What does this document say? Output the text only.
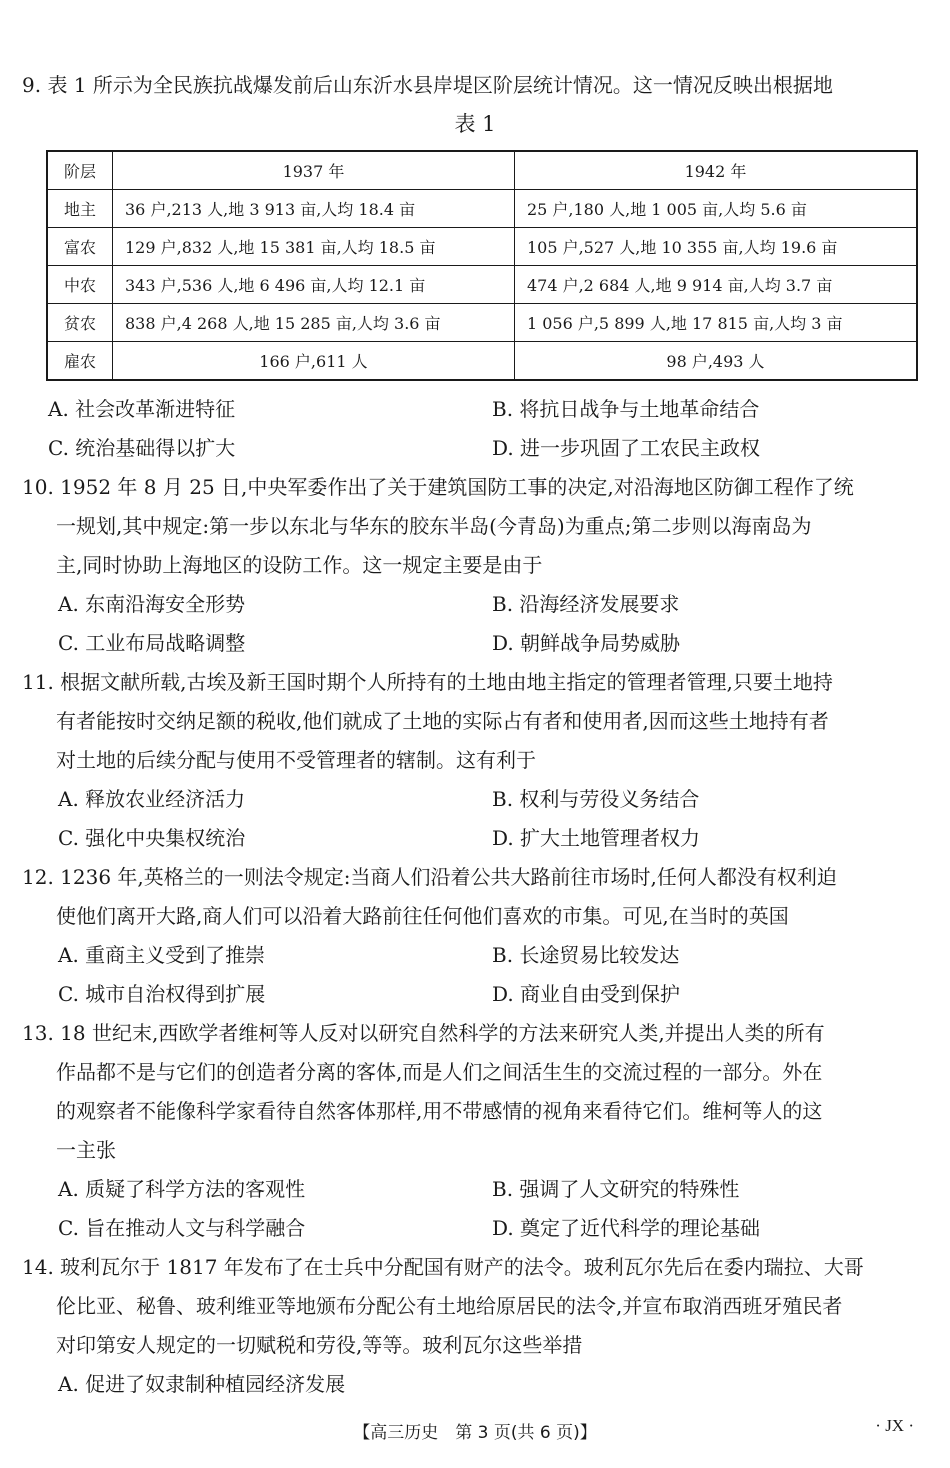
9. 表 1 所示为全民族抗战爆发前后山东沂水县岸堤区阶层统计情况。这一情况反映出根据地
表 1
阶层	1937 年	1942 年
地主	36 户,213 人,地 3 913 亩,人均 18.4 亩	25 户,180 人,地 1 005 亩,人均 5.6 亩
富农	129 户,832 人,地 15 381 亩,人均 18.5 亩	105 户,527 人,地 10 355 亩,人均 19.6 亩
中农	343 户,536 人,地 6 496 亩,人均 12.1 亩	474 户,2 684 人,地 9 914 亩,人均 3.7 亩
贫农	838 户,4 268 人,地 15 285 亩,人均 3.6 亩	1 056 户,5 899 人,地 17 815 亩,人均 3 亩
雇农	166 户,611 人	98 户,493 人
A. 社会改革渐进特征	B. 将抗日战争与土地革命结合
C. 统治基础得以扩大	D. 进一步巩固了工农民主政权
10. 1952 年 8 月 25 日,中央军委作出了关于建筑国防工事的决定,对沿海地区防御工程作了统
一规划,其中规定:第一步以东北与华东的胶东半岛(今青岛)为重点;第二步则以海南岛为
主,同时协助上海地区的设防工作。这一规定主要是由于
A. 东南沿海安全形势	B. 沿海经济发展要求
C. 工业布局战略调整	D. 朝鲜战争局势威胁
11. 根据文献所载,古埃及新王国时期个人所持有的土地由地主指定的管理者管理,只要土地持
有者能按时交纳足额的税收,他们就成了土地的实际占有者和使用者,因而这些土地持有者
对土地的后续分配与使用不受管理者的辖制。这有利于
A. 释放农业经济活力	B. 权利与劳役义务结合
C. 强化中央集权统治	D. 扩大土地管理者权力
12. 1236 年,英格兰的一则法令规定:当商人们沿着公共大路前往市场时,任何人都没有权利迫
使他们离开大路,商人们可以沿着大路前往任何他们喜欢的市集。可见,在当时的英国
A. 重商主义受到了推崇	B. 长途贸易比较发达
C. 城市自治权得到扩展	D. 商业自由受到保护
13. 18 世纪末,西欧学者维柯等人反对以研究自然科学的方法来研究人类,并提出人类的所有
作品都不是与它们的创造者分离的客体,而是人们之间活生生的交流过程的一部分。外在
的观察者不能像科学家看待自然客体那样,用不带感情的视角来看待它们。维柯等人的这
一主张
A. 质疑了科学方法的客观性	B. 强调了人文研究的特殊性
C. 旨在推动人文与科学融合	D. 奠定了近代科学的理论基础
14. 玻利瓦尔于 1817 年发布了在士兵中分配国有财产的法令。玻利瓦尔先后在委内瑞拉、大哥
伦比亚、秘鲁、玻利维亚等地颁布分配公有土地给原居民的法令,并宣布取消西班牙殖民者
对印第安人规定的一切赋税和劳役,等等。玻利瓦尔这些举措
A. 促进了奴隶制种植园经济发展
【高三历史　第 3 页(共 6 页)】	· JX ·
